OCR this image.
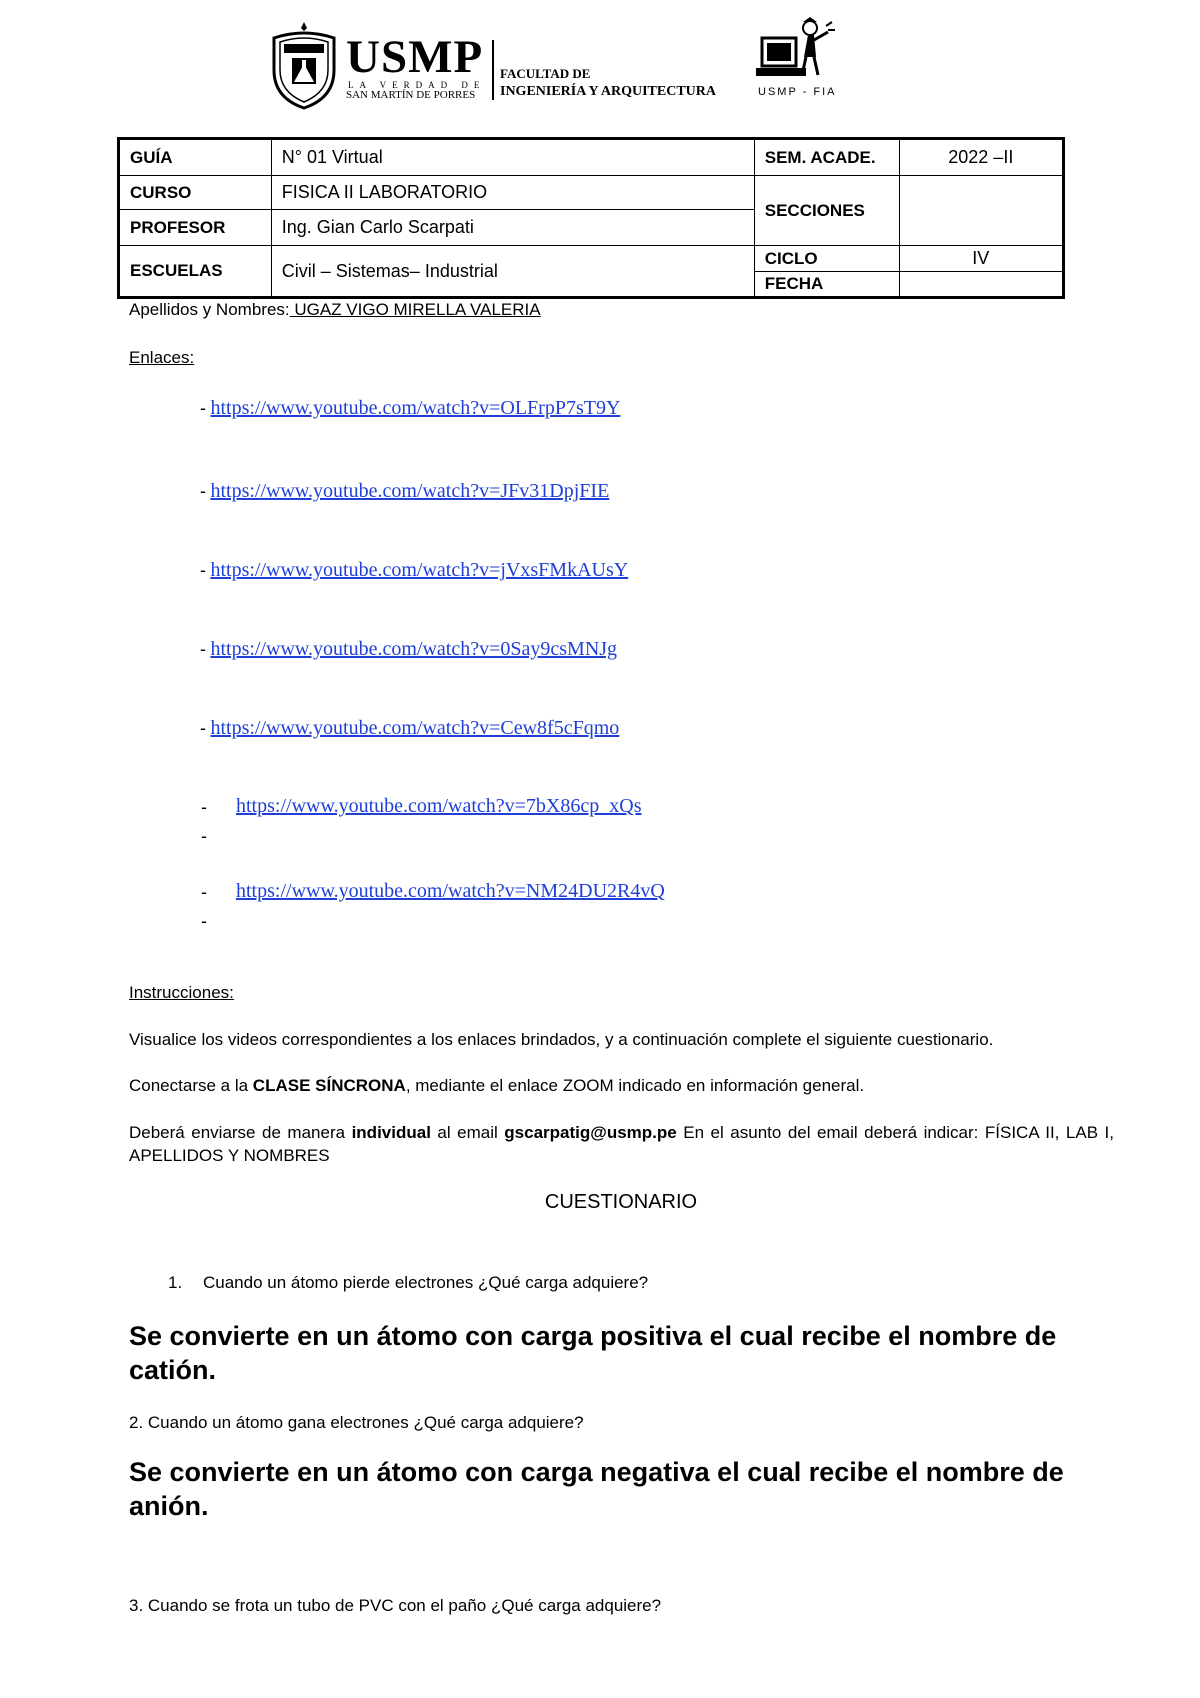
USMP
LA VERDAD DE
SAN MARTÍN DE PORRES
FACULTAD DE
INGENIERÍA Y ARQUITECTURA	USMP - FIA
GUÍA	N° 01 Virtual	SEM. ACADE.	2022 –II
CURSO	FISICA II LABORATORIO	SECCIONES	
PROFESOR	Ing. Gian Carlo Scarpati		
ESCUELAS	Civil – Sistemas– Industrial	CICLO	IV
		FECHA	
Apellidos y Nombres: UGAZ VIGO MIRELLA VALERIA
Enlaces:
- https://www.youtube.com/watch?v=OLFrpP7sT9Y
- https://www.youtube.com/watch?v=JFv31DpjFIE
- https://www.youtube.com/watch?v=jVxsFMkAUsY
- https://www.youtube.com/watch?v=0Say9csMNJg
- https://www.youtube.com/watch?v=Cew8f5cFqmo
- https://www.youtube.com/watch?v=7bX86cp_xQs
-
- https://www.youtube.com/watch?v=NM24DU2R4vQ
-
Instrucciones:
Visualice los videos correspondientes a los enlaces brindados, y a continuación complete el siguiente cuestionario.
Conectarse a la CLASE SÍNCRONA, mediante el enlace ZOOM indicado en información general.
Deberá enviarse de manera individual al email gscarpatig@usmp.pe En el asunto del email deberá indicar: FÍSICA II, LAB I, APELLIDOS Y NOMBRES
CUESTIONARIO
1. Cuando un átomo pierde electrones ¿Qué carga adquiere?
Se convierte en un átomo con carga positiva el cual recibe el nombre de catión.
2. Cuando un átomo gana electrones ¿Qué carga adquiere?
Se convierte en un átomo con carga negativa el cual recibe el nombre de anión.
3. Cuando se frota un tubo de PVC con el paño ¿Qué carga adquiere?
